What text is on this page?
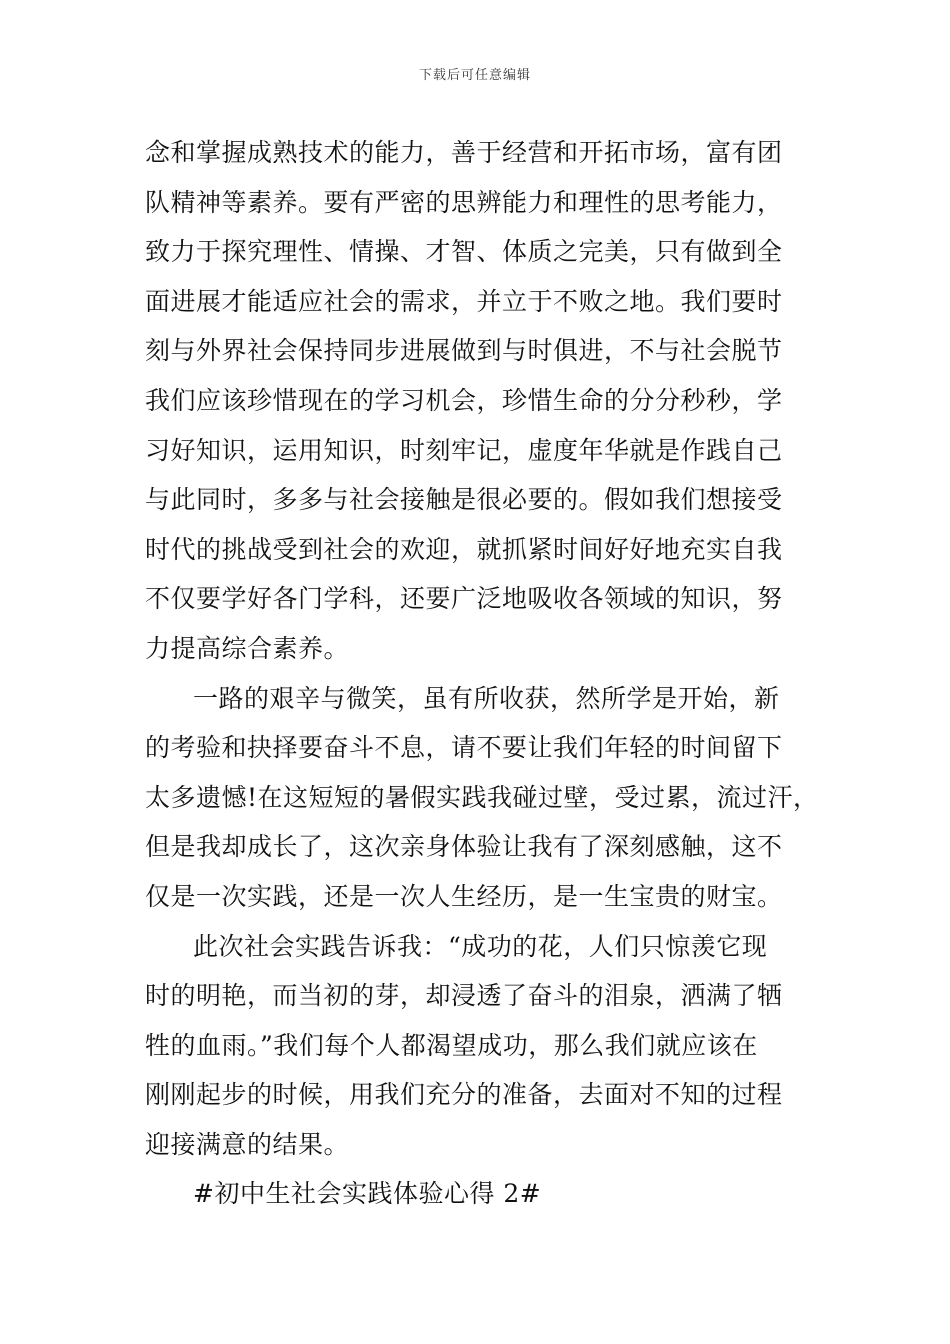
下载后可任意编辑
念和掌握成熟技术的能力，善于经营和开拓市场，富有团
队精神等素养。要有严密的思辨能力和理性的思考能力，
致力于探究理性、情操、才智、体质之完美，只有做到全
面进展才能适应社会的需求，并立于不败之地。我们要时
刻与外界社会保持同步进展做到与时俱进，不与社会脱节
我们应该珍惜现在的学习机会，珍惜生命的分分秒秒，学
习好知识，运用知识，时刻牢记，虚度年华就是作践自己
与此同时，多多与社会接触是很必要的。假如我们想接受
时代的挑战受到社会的欢迎，就抓紧时间好好地充实自我
不仅要学好各门学科，还要广泛地吸收各领域的知识，努
力提高综合素养。
一路的艰辛与微笑，虽有所收获，然所学是开始，新
的考验和抉择要奋斗不息，请不要让我们年轻的时间留下
太多遗憾!在这短短的暑假实践我碰过壁，受过累，流过汗，
但是我却成长了，这次亲身体验让我有了深刻感触，这不
仅是一次实践，还是一次人生经历，是一生宝贵的财宝。
此次社会实践告诉我：“成功的花，人们只惊羡它现
时的明艳，而当初的芽，却浸透了奋斗的泪泉，洒满了牺
牲的血雨。”我们每个人都渴望成功，那么我们就应该在
刚刚起步的时候，用我们充分的准备，去面对不知的过程
迎接满意的结果。
#初中生社会实践体验心得 2#
